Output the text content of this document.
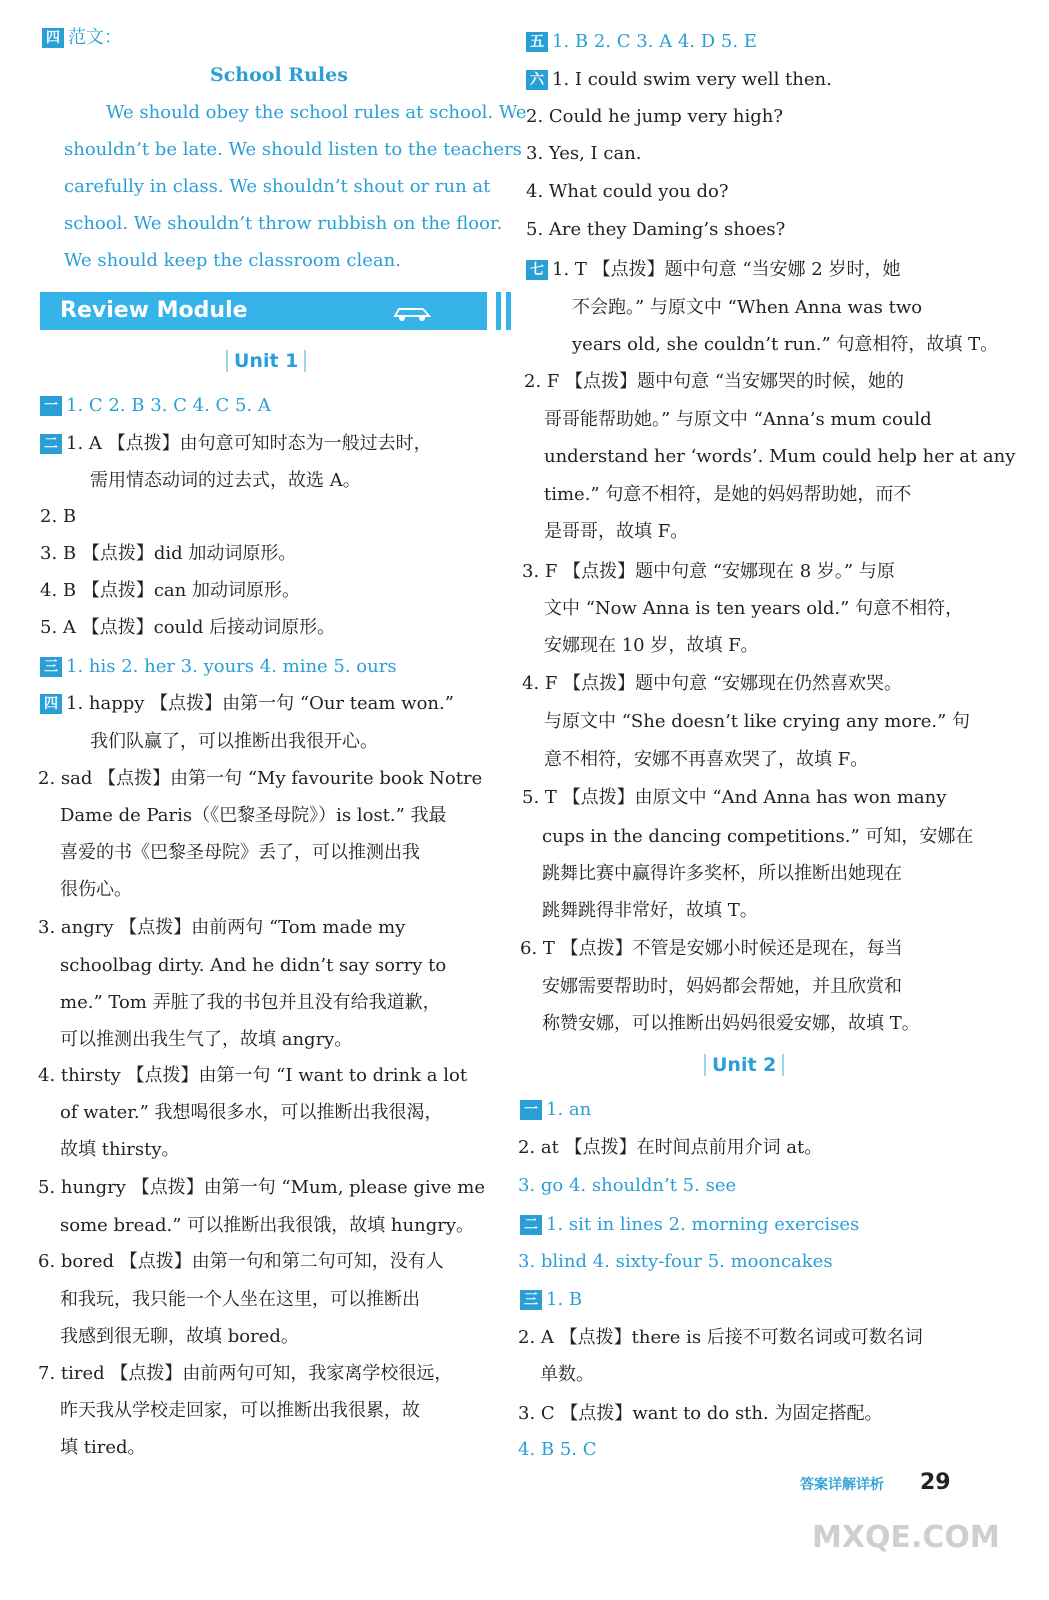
四 范文：
School Rules
We should obey the school rules at school. We
shouldn’t be late. We should listen to the teachers
carefully in class. We shouldn’t shout or run at
school. We shouldn’t throw rubbish on the floor.
We should keep the classroom clean.
Review Module
Unit 1
一 1. C 2. B 3. C 4. C 5. A
二 1. A 【点拨】由句意可知时态为一般过去时，
需用情态动词的过去式，故选 A。
2. B
3. B 【点拨】did 加动词原形。
4. B 【点拨】can 加动词原形。
5. A 【点拨】could 后接动词原形。
三 1. his 2. her 3. yours 4. mine 5. ours
四 1. happy 【点拨】由第一句 “Our team won.”
我们队赢了，可以推断出我很开心。
2. sad 【点拨】由第一句 “My favourite book Notre
Dame de Paris（《巴黎圣母院》）is lost.” 我最
喜爱的书《巴黎圣母院》丢了，可以推测出我
很伤心。
3. angry 【点拨】由前两句 “Tom made my
schoolbag dirty. And he didn’t say sorry to
me.” Tom 弄脏了我的书包并且没有给我道歉，
可以推测出我生气了，故填 angry。
4. thirsty 【点拨】由第一句 “I want to drink a lot
of water.” 我想喝很多水，可以推断出我很渴，
故填 thirsty。
5. hungry 【点拨】由第一句 “Mum, please give me
some bread.” 可以推断出我很饿，故填 hungry。
6. bored 【点拨】由第一句和第二句可知，没有人
和我玩，我只能一个人坐在这里，可以推断出
我感到很无聊，故填 bored。
7. tired 【点拨】由前两句可知，我家离学校很远，
昨天我从学校走回家，可以推断出我很累，故
填 tired。
五 1. B 2. C 3. A 4. D 5. E
六 1. I could swim very well then.
2. Could he jump very high?
3. Yes, I can.
4. What could you do?
5. Are they Daming’s shoes?
七 1. T 【点拨】题中句意 “当安娜 2 岁时，她
不会跑。” 与原文中 “When Anna was two
years old, she couldn’t run.” 句意相符，故填 T。
2. F 【点拨】题中句意 “当安娜哭的时候，她的
哥哥能帮助她。” 与原文中 “Anna’s mum could
understand her ‘words’. Mum could help her at any
time.” 句意不相符，是她的妈妈帮助她，而不
是哥哥，故填 F。
3. F 【点拨】题中句意 “安娜现在 8 岁。” 与原
文中 “Now Anna is ten years old.” 句意不相符，
安娜现在 10 岁，故填 F。
4. F 【点拨】题中句意 “安娜现在仍然喜欢哭。
与原文中 “She doesn’t like crying any more.” 句
意不相符，安娜不再喜欢哭了，故填 F。
5. T 【点拨】由原文中 “And Anna has won many
cups in the dancing competitions.” 可知，安娜在
跳舞比赛中赢得许多奖杯，所以推断出她现在
跳舞跳得非常好，故填 T。
6. T 【点拨】不管是安娜小时候还是现在，每当
安娜需要帮助时，妈妈都会帮她，并且欣赏和
称赞安娜，可以推断出妈妈很爱安娜，故填 T。
Unit 2
一 1. an
2. at 【点拨】在时间点前用介词 at。
3. go 4. shouldn’t 5. see
二 1. sit in lines 2. morning exercises
3. blind 4. sixty-four 5. mooncakes
三 1. B
2. A 【点拨】there is 后接不可数名词或可数名词
单数。
3. C 【点拨】want to do sth. 为固定搭配。
4. B 5. C
答案详解详析 29
MXQE.COM
